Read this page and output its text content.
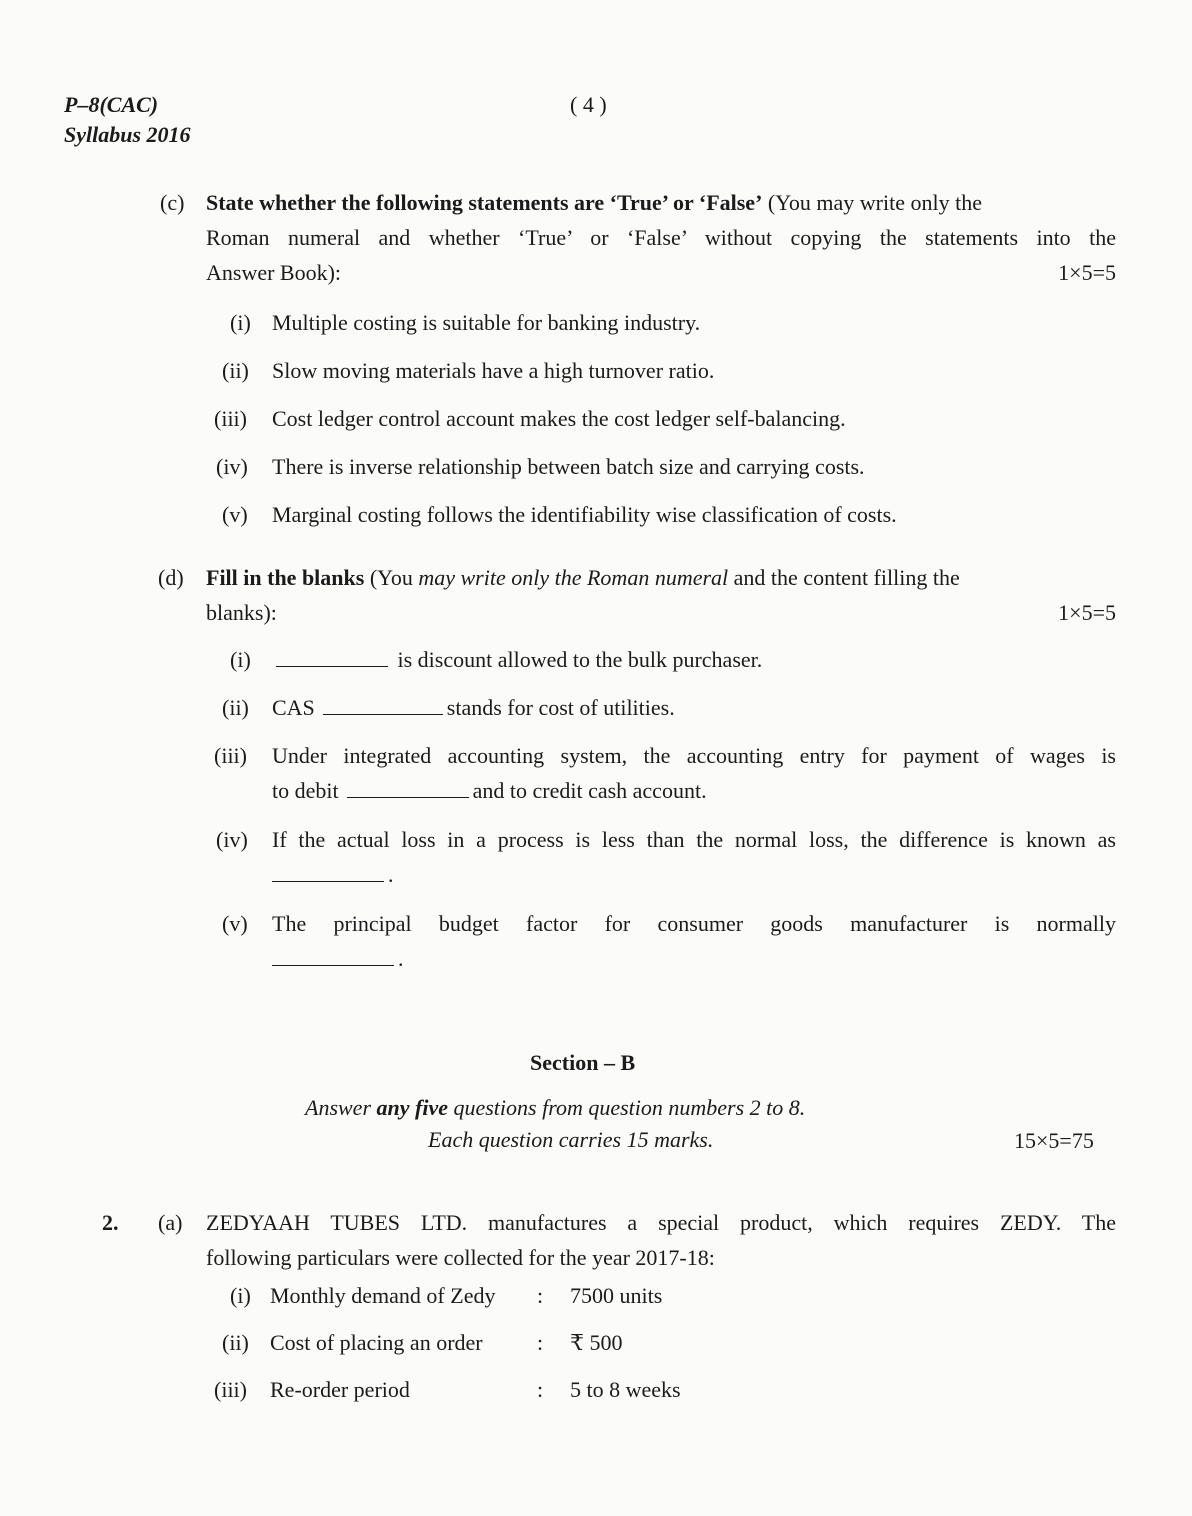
P–8(CAC)
Syllabus 2016
( 4 )
(c) State whether the following statements are ‘True’ or ‘False’ (You may write only the
Roman numeral and whether ‘True’ or ‘False’ without copying the statements into the
Answer Book):	1×5=5
(i) Multiple costing is suitable for banking industry.
(ii) Slow moving materials have a high turnover ratio.
(iii) Cost ledger control account makes the cost ledger self-balancing.
(iv) There is inverse relationship between batch size and carrying costs.
(v) Marginal costing follows the identifiability wise classification of costs.
(d) Fill in the blanks (You may write only the Roman numeral and the content filling the
blanks):	1×5=5
(i)	is discount allowed to the bulk purchaser.
(ii) CAS	stands for cost of utilities.
(iii) Under integrated accounting system, the accounting entry for payment of wages is
to debit	and to credit cash account.
(iv) If the actual loss in a process is less than the normal loss, the difference is known as
.
(v) The principal budget factor for consumer goods manufacturer is normally
.
Section – B
Answer any five questions from question numbers 2 to 8.
Each question carries 15 marks.	15×5=75
2. (a) ZEDYAAH TUBES LTD. manufactures a special product, which requires ZEDY. The
following particulars were collected for the year 2017-18:
(i) Monthly demand of Zedy : 7500 units
(ii) Cost of placing an order : ₹ 500
(iii) Re-order period	: 5 to 8 weeks
